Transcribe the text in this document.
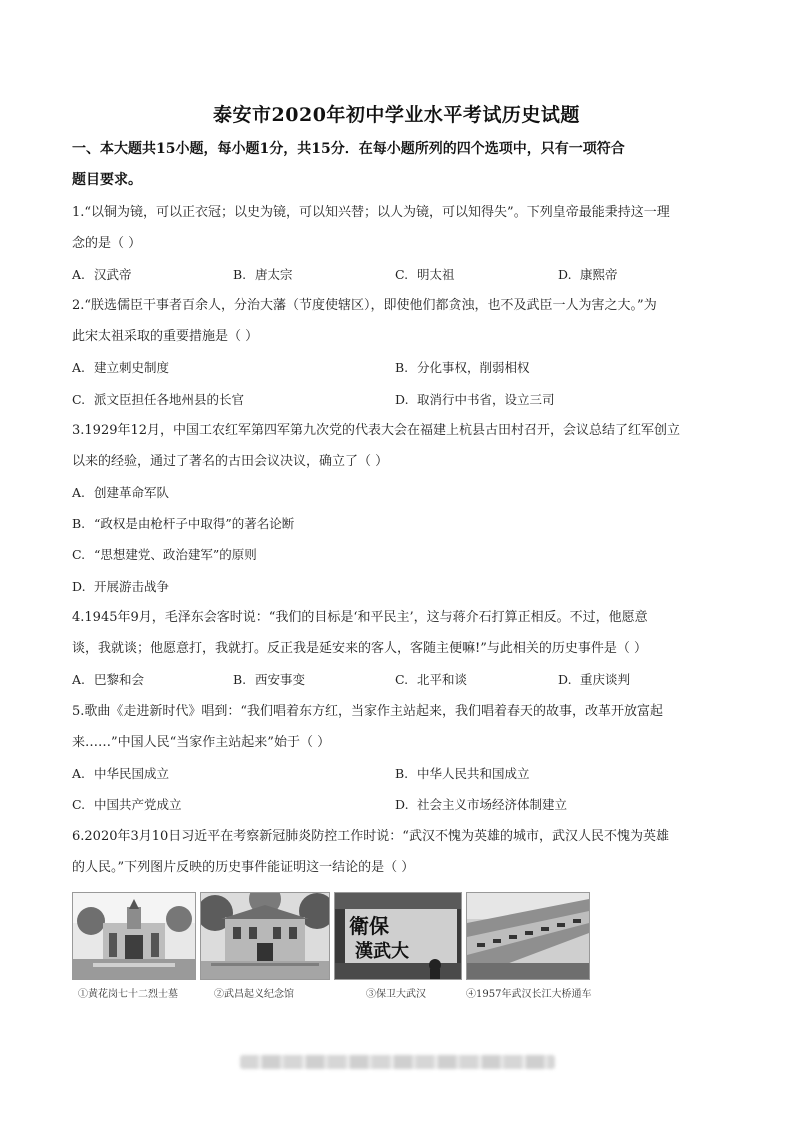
泰安市2020年初中学业水平考试历史试题
一、本大题共15小题，每小题1分，共15分．在每小题所列的四个选项中，只有一项符合
题目要求。
1.“以铜为镜，可以正衣冠；以史为镜，可以知兴替；以人为镜，可以知得失”。下列皇帝最能秉持这一理
念的是（ ）
A. 汉武帝	B. 唐太宗	C. 明太祖	D. 康熙帝
2.“朕选儒臣干事者百余人，分治大藩（节度使辖区），即使他们都贪浊，也不及武臣一人为害之大。”为
此宋太祖采取的重要措施是（ ）
A. 建立刺史制度	B. 分化事权，削弱相权
C. 派文臣担任各地州县的长官	D. 取消行中书省，设立三司
3.1929年12月，中国工农红军第四军第九次党的代表大会在福建上杭县古田村召开，会议总结了红军创立
以来的经验，通过了著名的古田会议决议，确立了（ ）
A. 创建革命军队
B. “政权是由枪杆子中取得”的著名论断
C. “思想建党、政治建军”的原则
D. 开展游击战争
4.1945年9月，毛泽东会客时说：“我们的目标是‘和平民主’，这与蒋介石打算正相反。不过，他愿意
谈，我就谈；他愿意打，我就打。反正我是延安来的客人，客随主便嘛!”与此相关的历史事件是（ ）
A. 巴黎和会	B. 西安事变	C. 北平和谈	D. 重庆谈判
5.歌曲《走进新时代》唱到：“我们唱着东方红，当家作主站起来，我们唱着春天的故事，改革开放富起
来……”中国人民“当家作主站起来”始于（ ）
A. 中华民国成立	B. 中华人民共和国成立
C. 中国共产党成立	D. 社会主义市场经济体制建立
6.2020年3月10日习近平在考察新冠肺炎防控工作时说：“武汉不愧为英雄的城市，武汉人民不愧为英雄
的人民。”下列图片反映的历史事件能证明这一结论的是（ ）
衛保
漢武大
①黄花岗七十二烈士墓	②武昌起义纪念馆	③保卫大武汉	④1957年武汉长江大桥通车
